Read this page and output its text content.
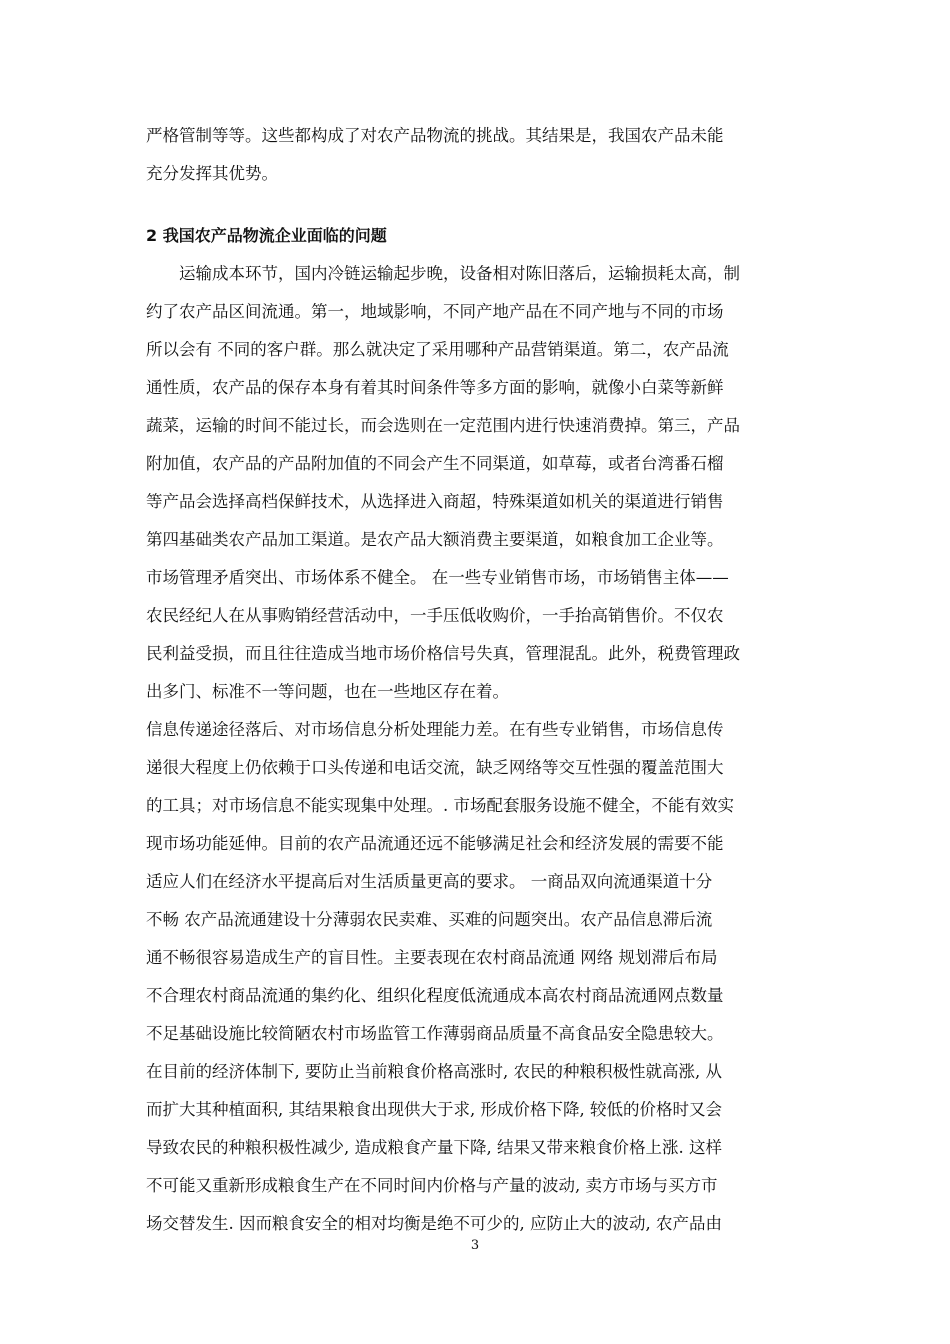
严格管制等等。这些都构成了对农产品物流的挑战。其结果是，我国农产品未能
充分发挥其优势。
2 我国农产品物流企业面临的问题
运输成本环节，国内冷链运输起步晚，设备相对陈旧落后，运输损耗太高，制
约了农产品区间流通。第一，地域影响，不同产地产品在不同产地与不同的市场
所以会有 不同的客户群。那么就决定了采用哪种产品营销渠道。第二，农产品流
通性质，农产品的保存本身有着其时间条件等多方面的影响，就像小白菜等新鲜
蔬菜，运输的时间不能过长，而会选则在一定范围内进行快速消费掉。第三，产品
附加值，农产品的产品附加值的不同会产生不同渠道，如草莓，或者台湾番石榴
等产品会选择高档保鲜技术，从选择进入商超，特殊渠道如机关的渠道进行销售
第四基础类农产品加工渠道。是农产品大额消费主要渠道，如粮食加工企业等。
市场管理矛盾突出、市场体系不健全。 在一些专业销售市场，市场销售主体——
农民经纪人在从事购销经营活动中，一手压低收购价，一手抬高销售价。不仅农
民利益受损，而且往往造成当地市场价格信号失真，管理混乱。此外，税费管理政
出多门、标准不一等问题，也在一些地区存在着。
信息传递途径落后、对市场信息分析处理能力差。在有些专业销售，市场信息传
递很大程度上仍依赖于口头传递和电话交流，缺乏网络等交互性强的覆盖范围大
的工具；对市场信息不能实现集中处理。. 市场配套服务设施不健全，不能有效实
现市场功能延伸。目前的农产品流通还远不能够满足社会和经济发展的需要不能
适应人们在经济水平提高后对生活质量更高的要求。 一商品双向流通渠道十分
不畅 农产品流通建设十分薄弱农民卖难、买难的问题突出。农产品信息滞后流
通不畅很容易造成生产的盲目性。主要表现在农村商品流通 网络 规划滞后布局
不合理农村商品流通的集约化、组织化程度低流通成本高农村商品流通网点数量
不足基础设施比较简陋农村市场监管工作薄弱商品质量不高食品安全隐患较大。
在目前的经济体制下, 要防止当前粮食价格高涨时, 农民的种粮积极性就高涨, 从
而扩大其种植面积, 其结果粮食出现供大于求, 形成价格下降, 较低的价格时又会
导致农民的种粮积极性减少, 造成粮食产量下降, 结果又带来粮食价格上涨. 这样
不可能又重新形成粮食生产在不同时间内价格与产量的波动, 卖方市场与买方市
场交替发生. 因而粮食安全的相对均衡是绝不可少的, 应防止大的波动, 农产品由
3
